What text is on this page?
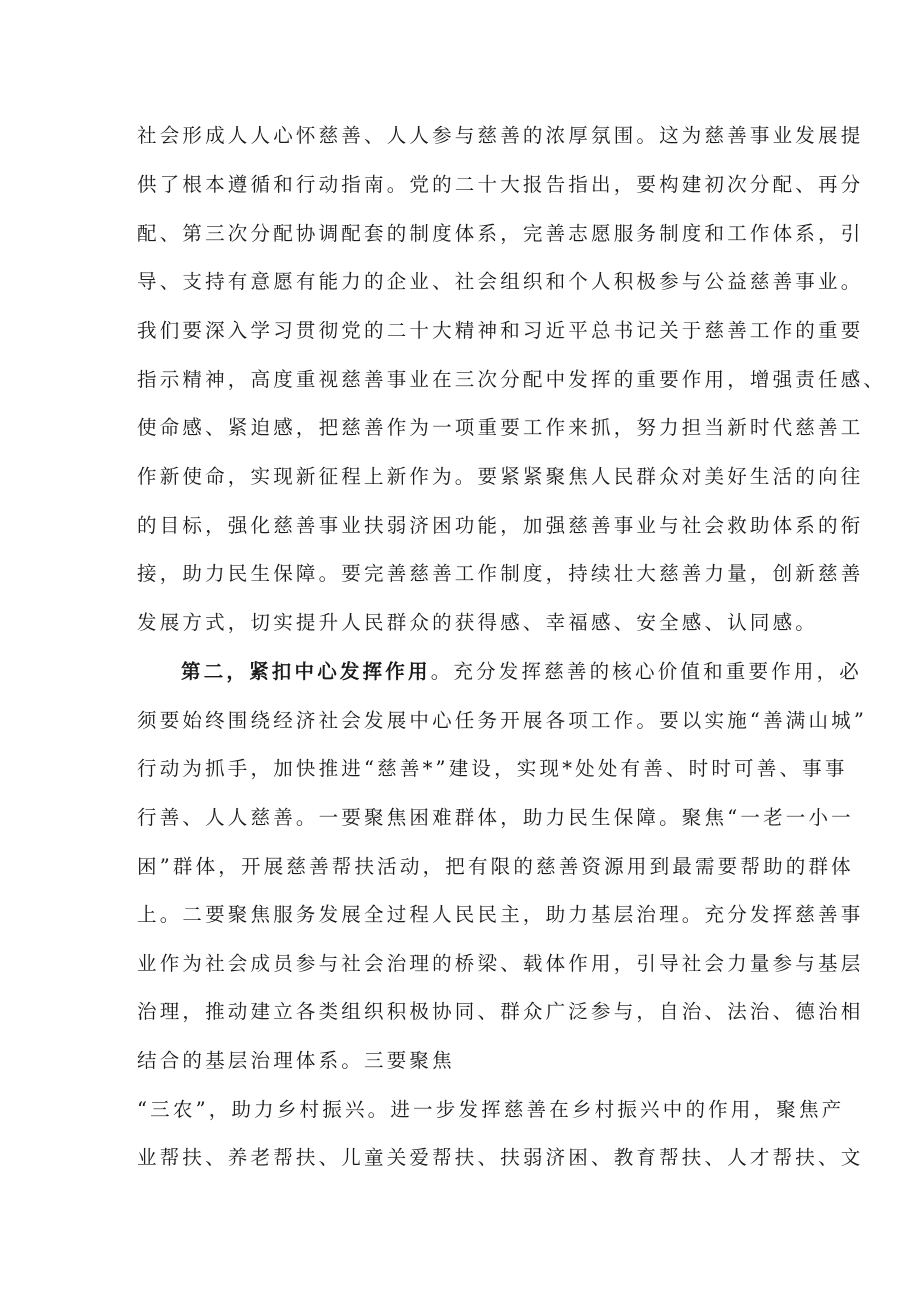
社会形成人人心怀慈善、人人参与慈善的浓厚氛围。这为慈善事业发展提
供了根本遵循和行动指南。党的二十大报告指出，要构建初次分配、再分
配、第三次分配协调配套的制度体系，完善志愿服务制度和工作体系，引
导、支持有意愿有能力的企业、社会组织和个人积极参与公益慈善事业。
我们要深入学习贯彻党的二十大精神和习近平总书记关于慈善工作的重要
指示精神，高度重视慈善事业在三次分配中发挥的重要作用，增强责任感、
使命感、紧迫感，把慈善作为一项重要工作来抓，努力担当新时代慈善工
作新使命，实现新征程上新作为。要紧紧聚焦人民群众对美好生活的向往
的目标，强化慈善事业扶弱济困功能，加强慈善事业与社会救助体系的衔
接，助力民生保障。要完善慈善工作制度，持续壮大慈善力量，创新慈善
发展方式，切实提升人民群众的获得感、幸福感、安全感、认同感。
第二，紧扣中心发挥作用。充分发挥慈善的核心价值和重要作用，必
须要始终围绕经济社会发展中心任务开展各项工作。要以实施“善满山城”
行动为抓手，加快推进“慈善*”建设，实现*处处有善、时时可善、事事
行善、人人慈善。一要聚焦困难群体，助力民生保障。聚焦“一老一小一
困”群体，开展慈善帮扶活动，把有限的慈善资源用到最需要帮助的群体
上。二要聚焦服务发展全过程人民民主，助力基层治理。充分发挥慈善事
业作为社会成员参与社会治理的桥梁、载体作用，引导社会力量参与基层
治理，推动建立各类组织积极协同、群众广泛参与，自治、法治、德治相
结合的基层治理体系。三要聚焦
“三农”，助力乡村振兴。进一步发挥慈善在乡村振兴中的作用，聚焦产
业帮扶、养老帮扶、儿童关爱帮扶、扶弱济困、教育帮扶、人才帮扶、文
